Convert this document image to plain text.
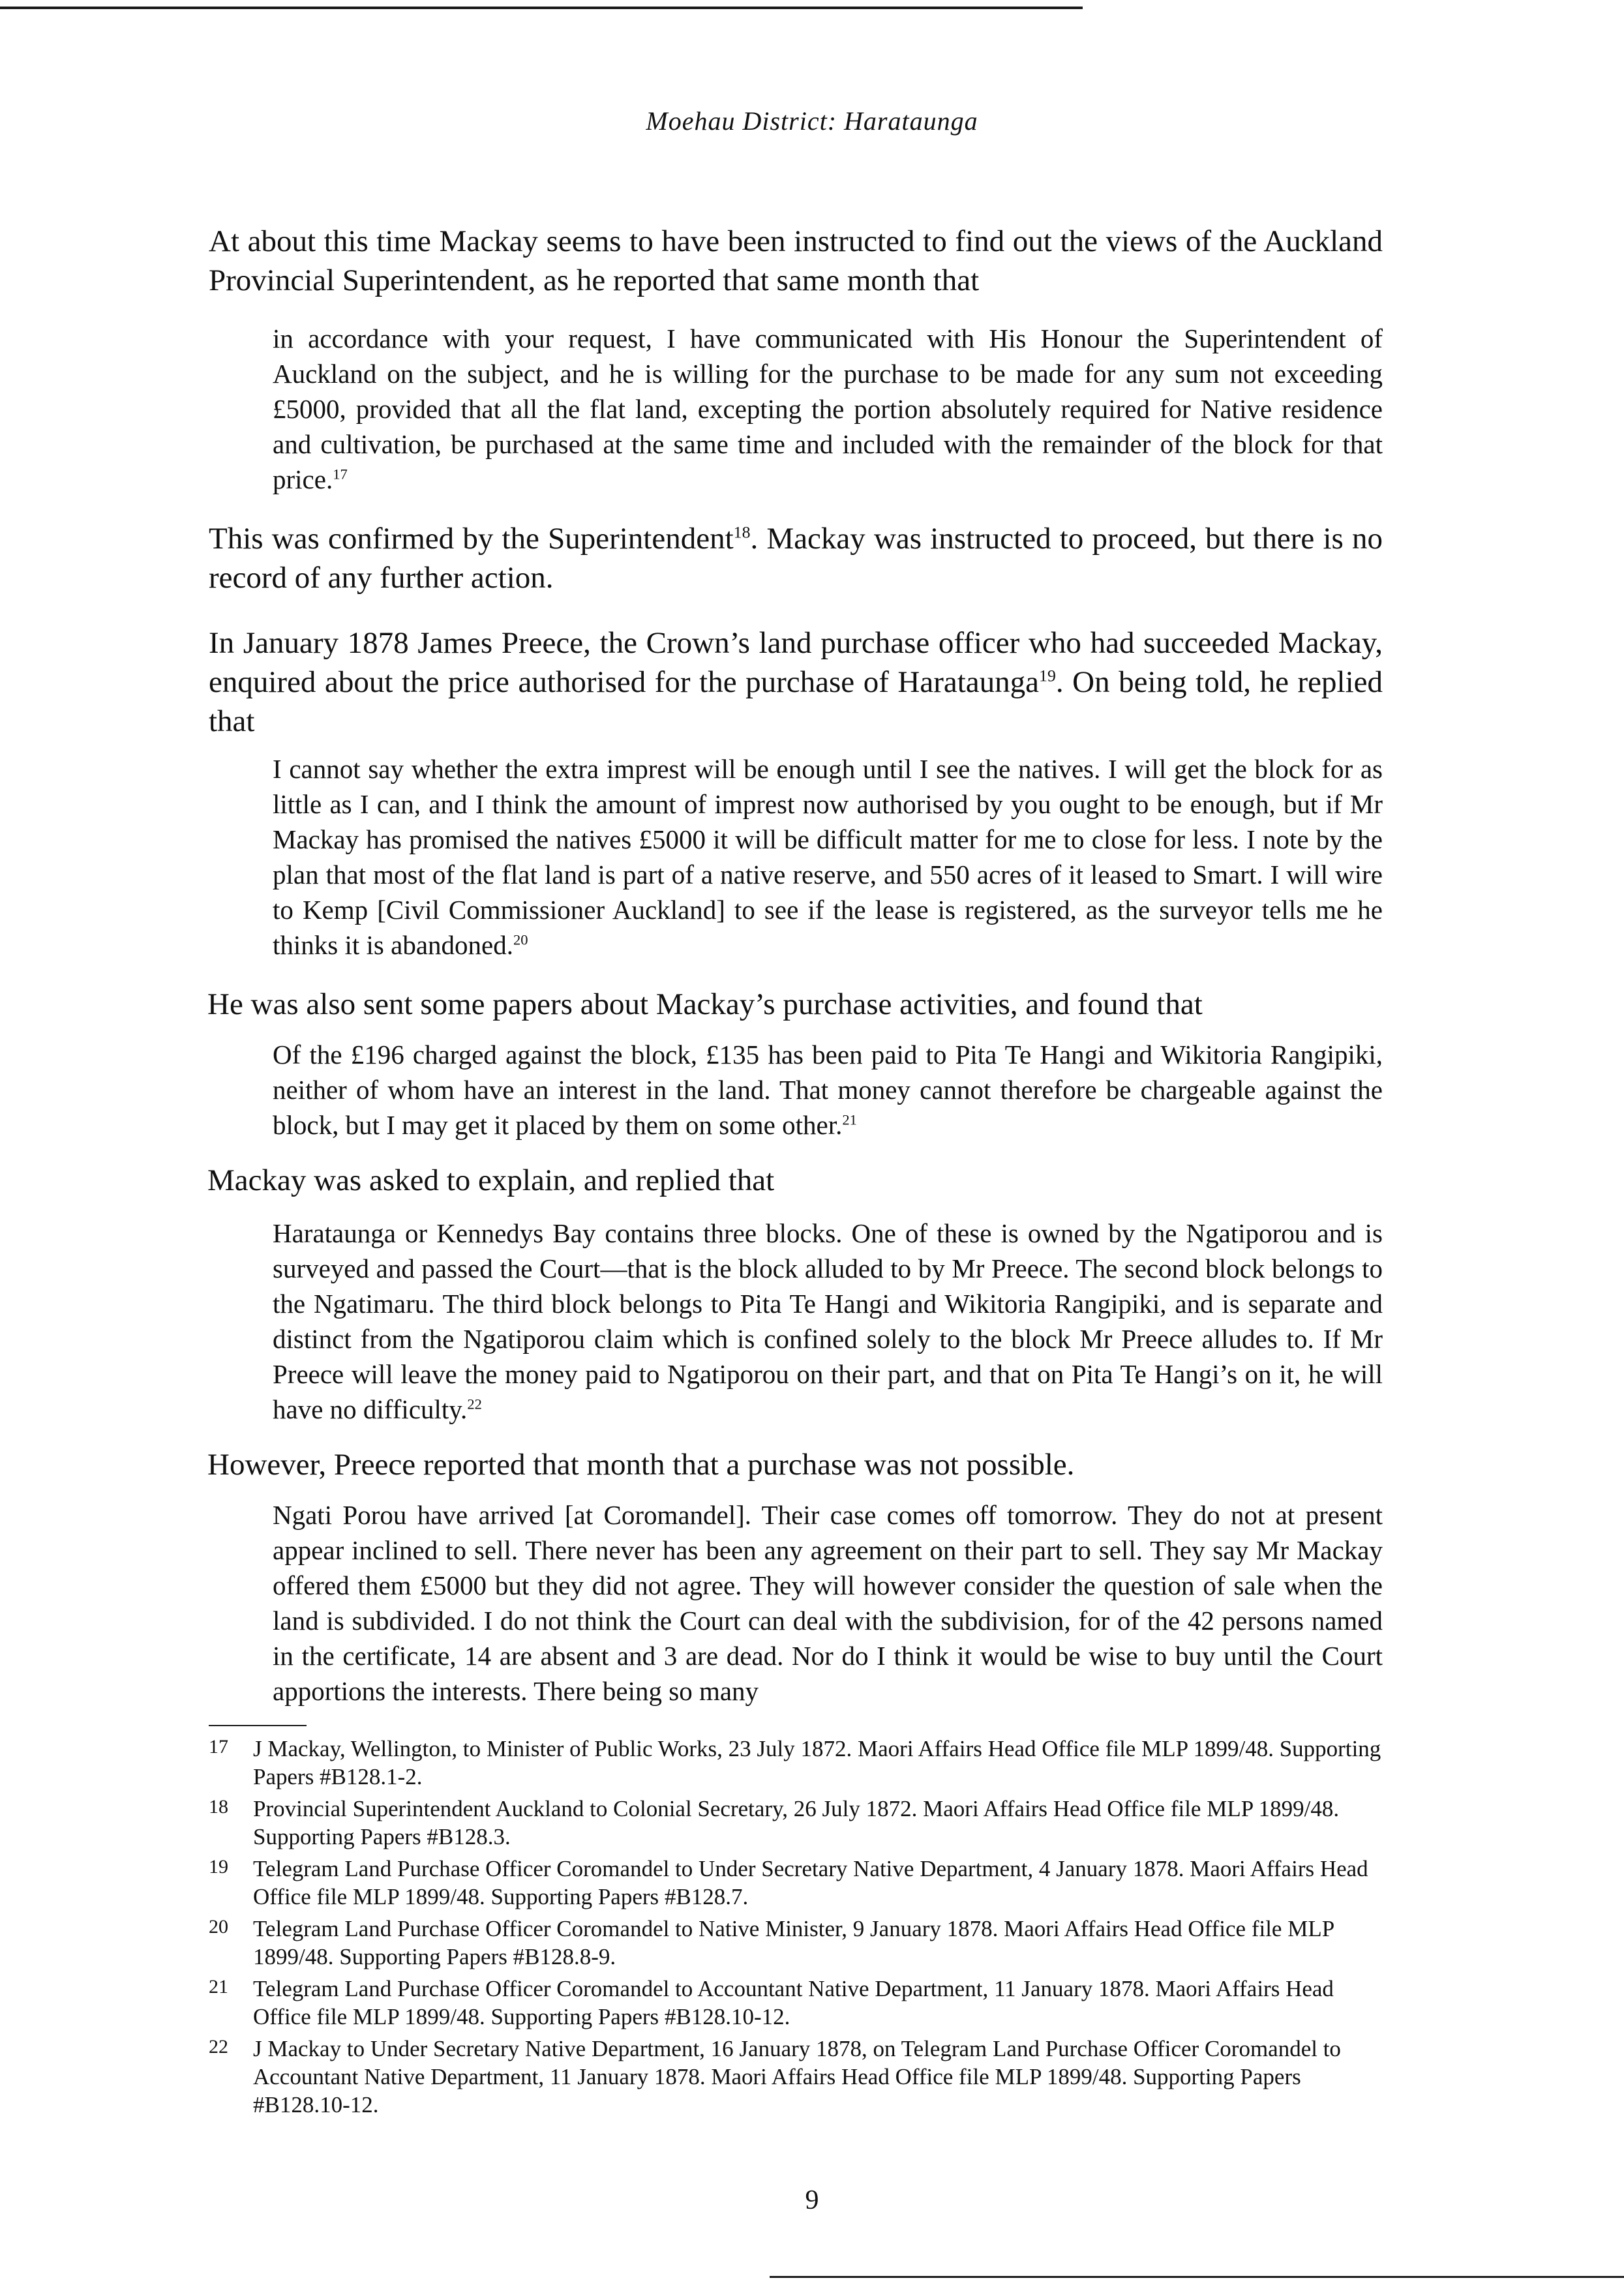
Moehau District: Harataunga

At about this time Mackay seems to have been instructed to find out the views of the Auckland Provincial Superintendent, as he reported that same month that

in accordance with your request, I have communicated with His Honour the Superintendent of Auckland on the subject, and he is willing for the purchase to be made for any sum not exceeding £5000, provided that all the flat land, excepting the portion absolutely required for Native residence and cultivation, be purchased at the same time and included with the remainder of the block for that price.$^{17}$

This was confirmed by the Superintendent$^{18}$. Mackay was instructed to proceed, but there is no record of any further action.

In January 1878 James Preece, the Crown’s land purchase officer who had succeeded Mackay, enquired about the price authorised for the purchase of Harataunga$^{19}$. On being told, he replied that

I cannot say whether the extra imprest will be enough until I see the natives. I will get the block for as little as I can, and I think the amount of imprest now authorised by you ought to be enough, but if Mr Mackay has promised the natives £5000 it will be difficult matter for me to close for less. I note by the plan that most of the flat land is part of a native reserve, and 550 acres of it leased to Smart. I will wire to Kemp [Civil Commissioner Auckland] to see if the lease is registered, as the surveyor tells me he thinks it is abandoned.$^{20}$

He was also sent some papers about Mackay’s purchase activities, and found that

Of the £196 charged against the block, £135 has been paid to Pita Te Hangi and Wikitoria Rangipiki, neither of whom have an interest in the land. That money cannot therefore be chargeable against the block, but I may get it placed by them on some other.$^{21}$

Mackay was asked to explain, and replied that

Harataunga or Kennedys Bay contains three blocks. One of these is owned by the Ngatiporou and is surveyed and passed the Court—that is the block alluded to by Mr Preece. The second block belongs to the Ngatimaru. The third block belongs to Pita Te Hangi and Wikitoria Rangipiki, and is separate and distinct from the Ngatiporou claim which is confined solely to the block Mr Preece alludes to. If Mr Preece will leave the money paid to Ngatiporou on their part, and that on Pita Te Hangi’s on it, he will have no difficulty.$^{22}$

However, Preece reported that month that a purchase was not possible.

Ngati Porou have arrived [at Coromandel]. Their case comes off tomorrow. They do not at present appear inclined to sell. There never has been any agreement on their part to sell. They say Mr Mackay offered them £5000 but they did not agree. They will however consider the question of sale when the land is subdivided. I do not think the Court can deal with the subdivision, for of the 42 persons named in the certificate, 14 are absent and 3 are dead. Nor do I think it would be wise to buy until the Court apportions the interests. There being so many

17	J Mackay, Wellington, to Minister of Public Works, 23 July 1872. Maori Affairs Head Office file MLP 1899/48. Supporting Papers #B128.1-2.
18	Provincial Superintendent Auckland to Colonial Secretary, 26 July 1872. Maori Affairs Head Office file MLP 1899/48. Supporting Papers #B128.3.
19	Telegram Land Purchase Officer Coromandel to Under Secretary Native Department, 4 January 1878. Maori Affairs Head Office file MLP 1899/48. Supporting Papers #B128.7.
20	Telegram Land Purchase Officer Coromandel to Native Minister, 9 January 1878. Maori Affairs Head Office file MLP 1899/48. Supporting Papers #B128.8-9.
21	Telegram Land Purchase Officer Coromandel to Accountant Native Department, 11 January 1878. Maori Affairs Head Office file MLP 1899/48. Supporting Papers #B128.10-12.
22	J Mackay to Under Secretary Native Department, 16 January 1878, on Telegram Land Purchase Officer Coromandel to Accountant Native Department, 11 January 1878. Maori Affairs Head Office file MLP 1899/48. Supporting Papers #B128.10-12.
9
